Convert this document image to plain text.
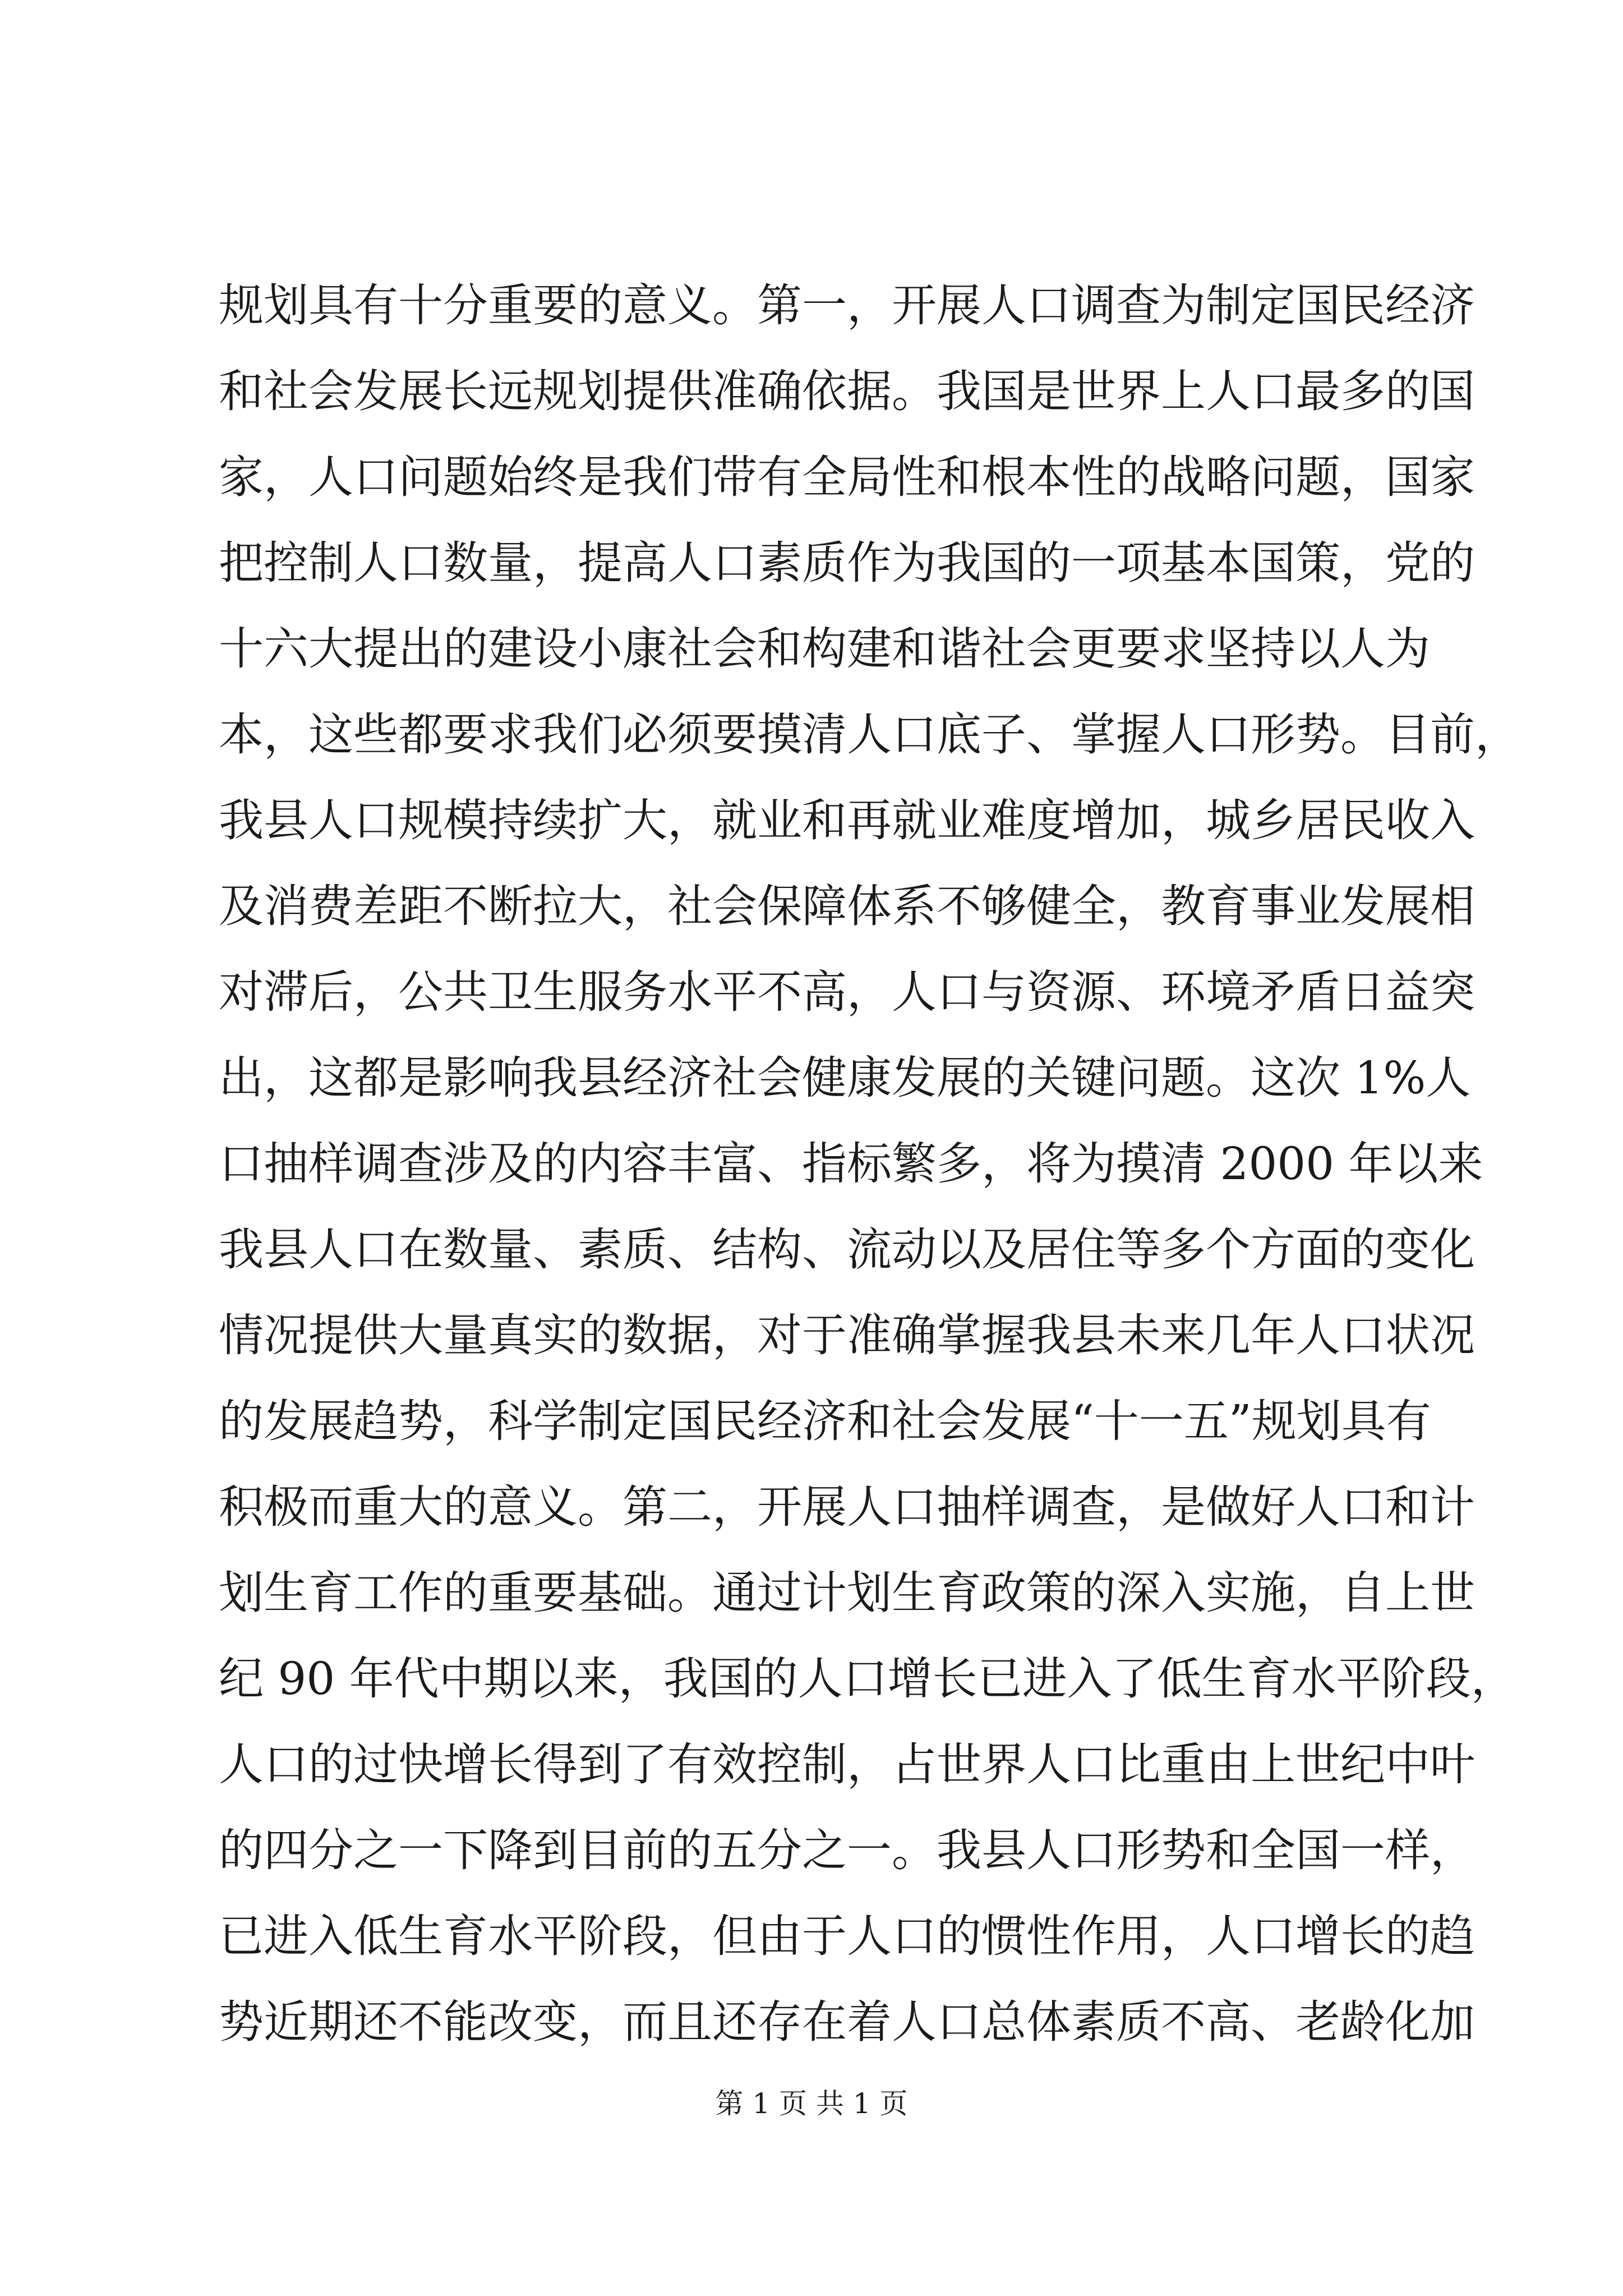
规划具有十分重要的意义。第一，开展人口调查为制定国民经济
和社会发展长远规划提供准确依据。我国是世界上人口最多的国
家，人口问题始终是我们带有全局性和根本性的战略问题，国家
把控制人口数量，提高人口素质作为我国的一项基本国策，党的
十六大提出的建设小康社会和构建和谐社会更要求坚持以人为
本，这些都要求我们必须要摸清人口底子、掌握人口形势。目前，
我县人口规模持续扩大，就业和再就业难度增加，城乡居民收入
及消费差距不断拉大，社会保障体系不够健全，教育事业发展相
对滞后，公共卫生服务水平不高，人口与资源、环境矛盾日益突
出，这都是影响我县经济社会健康发展的关键问题。这次 1%人
口抽样调查涉及的内容丰富、指标繁多，将为摸清 2000 年以来
我县人口在数量、素质、结构、流动以及居住等多个方面的变化
情况提供大量真实的数据，对于准确掌握我县未来几年人口状况
的发展趋势，科学制定国民经济和社会发展“十一五”规划具有
积极而重大的意义。第二，开展人口抽样调查，是做好人口和计
划生育工作的重要基础。通过计划生育政策的深入实施，自上世
纪 90 年代中期以来，我国的人口增长已进入了低生育水平阶段，
人口的过快增长得到了有效控制，占世界人口比重由上世纪中叶
的四分之一下降到目前的五分之一。我县人口形势和全国一样，
已进入低生育水平阶段，但由于人口的惯性作用，人口增长的趋
势近期还不能改变，而且还存在着人口总体素质不高、老龄化加
第 1 页 共 1 页
